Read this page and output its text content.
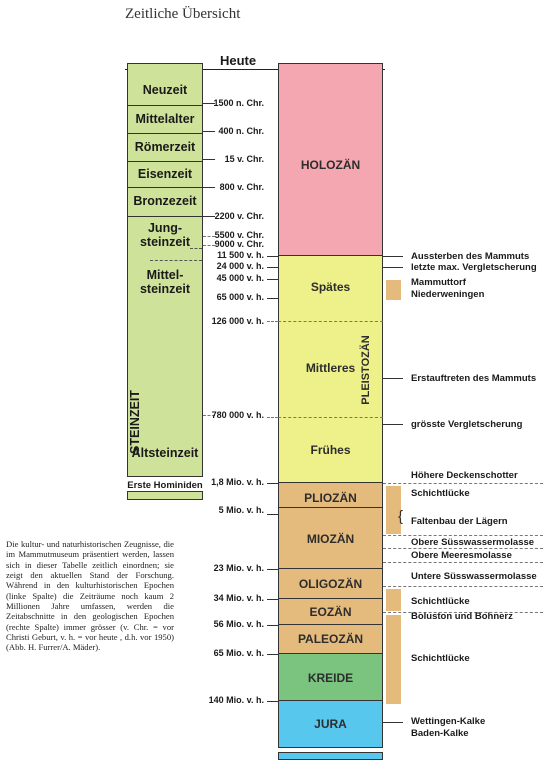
Zeitliche Übersicht
Heute
Neuzeit
Mittelalter
Römerzeit
Eisenzeit
Bronzezeit
Jung-
steinzeit
Mittel-
steinzeit
STEINZEIT
Altsteinzeit
Erste Hominiden
HOLOZÄN
Spätes
Mittleres
Frühes
PLIOZÄN
MIOZÄN
OLIGOZÄN
EOZÄN
PALEOZÄN
KREIDE
JURA
PLEISTOZÄN
1500 n. Chr.
400 n. Chr.
15 v. Chr.
800 v. Chr.
2200 v. Chr.
5500 v. Chr.
9000 v. Chr.
11 500 v. h.
24 000 v. h.
45 000 v. h.
65 000 v. h.
126 000 v. h.
780 000 v. h.
1,8 Mio. v. h.
5 Mio. v. h.
23 Mio. v. h.
34 Mio. v. h.
56 Mio. v. h.
65 Mio. v. h.
140 Mio. v. h.
{
Aussterben des Mammuts
letzte max. Vergletscherung
Mammuttorf
Niederweningen
Erstauftreten des Mammuts
grösste Vergletscherung
Höhere Deckenschotter
Schichtlücke
Faltenbau der Lägern
Obere Süsswassermolasse
Obere Meeresmolasse
Untere Süsswassermolasse
Schichtlücke
Boluston und Bohnerz
Schichtlücke
Wettingen-Kalke
Baden-Kalke
Die kultur- und naturhistorischen Zeugnisse, die im Mammutmuseum präsentiert werden, lassen sich in dieser Tabelle zeitlich einordnen; sie zeigt den aktuellen Stand der Forschung. Während in den kulturhistorischen Epochen (linke Spalte) die Zeiträume noch kaum 2 Millionen Jahre umfassen, werden die Zeitabschnitte in den geologischen Epochen (rechte Spalte) immer grösser (v. Chr. = vor Christi Geburt, v. h. = vor heute , d.h. vor 1950) (Abb. H. Furrer/A. Mäder).
